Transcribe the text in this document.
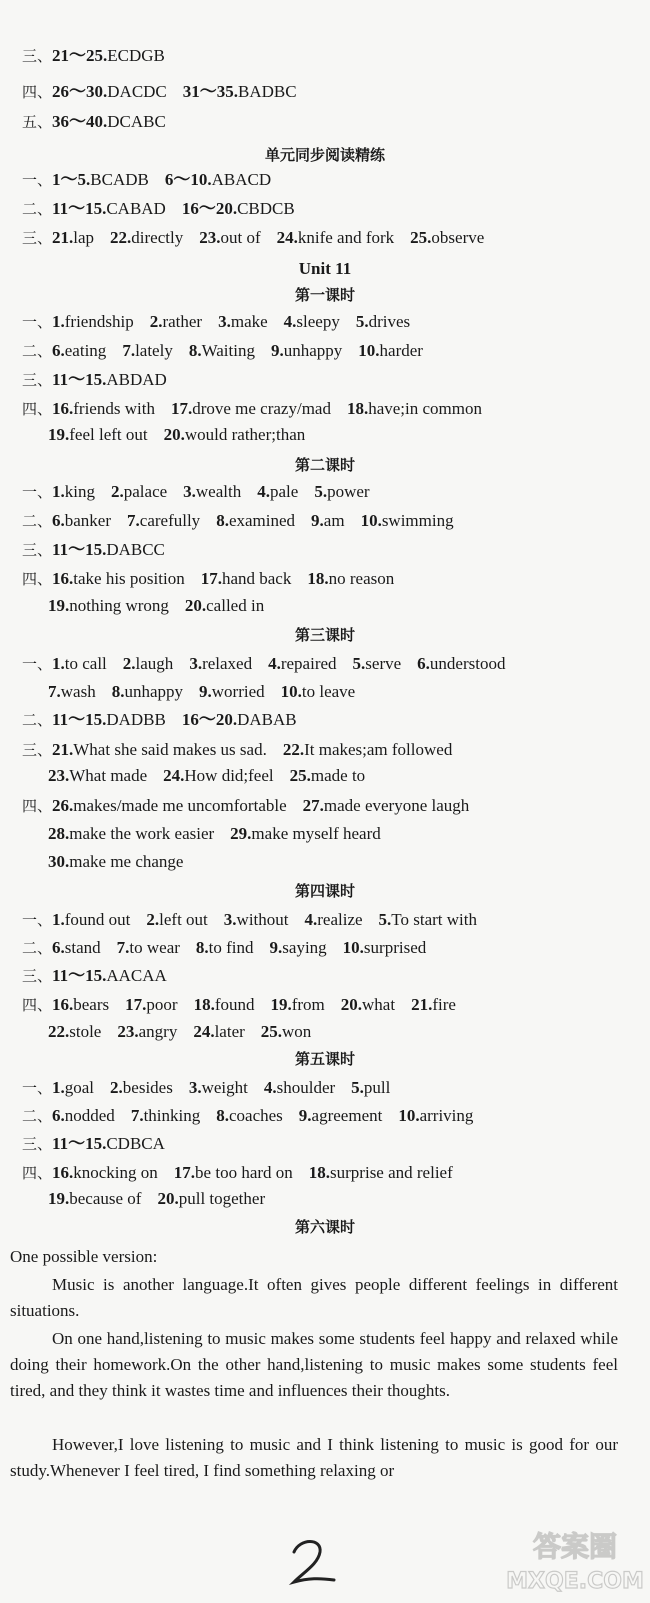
三、21～25.ECDGB
四、26～30.DACDC 31～35.BADBC
五、36～40.DCABC
单元同步阅读精练
一、1～5.BCADB 6～10.ABACD
二、11～15.CABAD 16～20.CBDCB
三、21.lap 22.directly 23.out of 24.knife and fork 25.observe
Unit 11
第一课时
一、1.friendship 2.rather 3.make 4.sleepy 5.drives
二、6.eating 7.lately 8.Waiting 9.unhappy 10.harder
三、11～15.ABDAD
四、16.friends with 17.drove me crazy/mad 18.have;in common
19.feel left out 20.would rather;than
第二课时
一、1.king 2.palace 3.wealth 4.pale 5.power
二、6.banker 7.carefully 8.examined 9.am 10.swimming
三、11～15.DABCC
四、16.take his position 17.hand back 18.no reason
19.nothing wrong 20.called in
第三课时
一、1.to call 2.laugh 3.relaxed 4.repaired 5.serve 6.understood
7.wash 8.unhappy 9.worried 10.to leave
二、11～15.DADBB 16～20.DABAB
三、21.What she said makes us sad. 22.It makes;am followed
23.What made 24.How did;feel 25.made to
四、26.makes/made me uncomfortable 27.made everyone laugh
28.make the work easier 29.make myself heard
30.make me change
第四课时
一、1.found out 2.left out 3.without 4.realize 5.To start with
二、6.stand 7.to wear 8.to find 9.saying 10.surprised
三、11～15.AACAA
四、16.bears 17.poor 18.found 19.from 20.what 21.fire
22.stole 23.angry 24.later 25.won
第五课时
一、1.goal 2.besides 3.weight 4.shoulder 5.pull
二、6.nodded 7.thinking 8.coaches 9.agreement 10.arriving
三、11～15.CDBCA
四、16.knocking on 17.be too hard on 18.surprise and relief
19.because of 20.pull together
第六课时
One possible version:
Music is another language.It often gives people different feelings in different situations.
On one hand,listening to music makes some students feel happy and relaxed while doing their homework.On the other hand,listening to music makes some students feel tired, and they think it wastes time and influences their thoughts.
However,I love listening to music and I think listening to music is good for our study.Whenever I feel tired, I find something relaxing or
答案圈
MXQE.COM
